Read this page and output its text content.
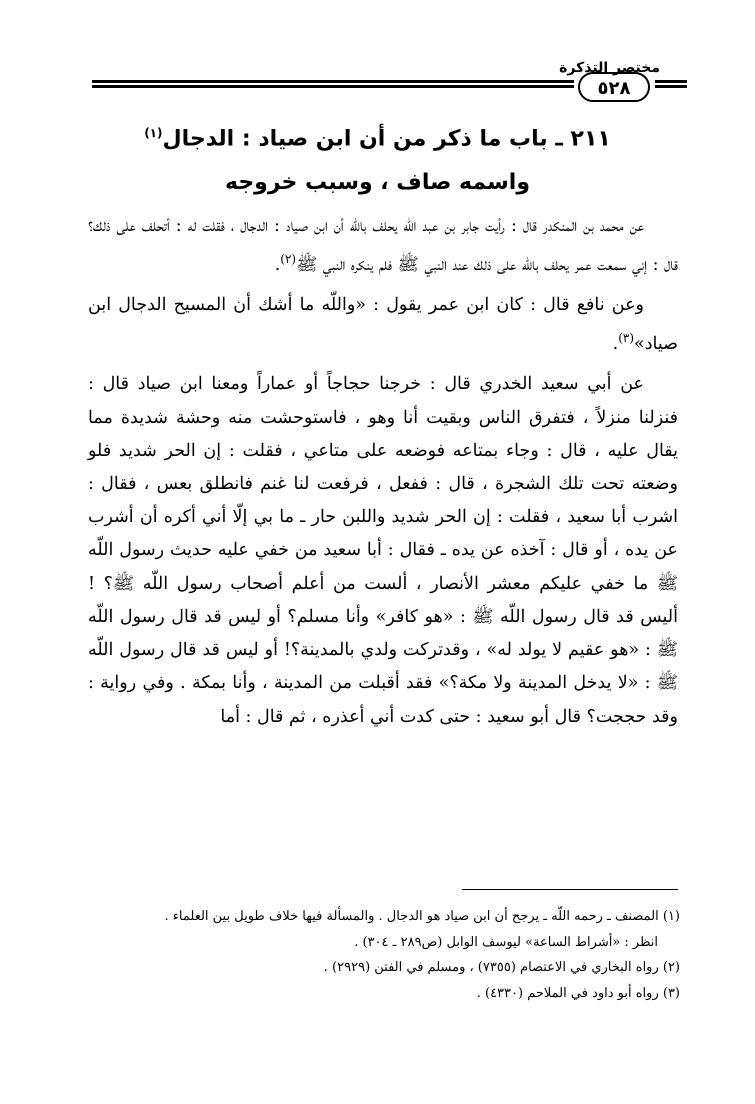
مختصر التذكرة
٥٢٨
٢١١ ـ باب ما ذكر من أن ابن صياد : الدجال$^{(١)}$
واسمه صاف ، وسبب خروجه

عن محمد بن المنكدر قال : رأيت جابر بن عبد اللّه يحلف باللّه أن ابن صياد : الدجال ، فقلت له : أتحلف على ذلك؟ قال : إني سمعت عمر يحلف باللّه على ذلك عند النبي ﷺ فلم ينكره النبي ﷺ$^{(٢)}$.

وعن نافع قال : كان ابن عمر يقول : «واللّه ما أشك أن المسيح الدجال ابن صياد»$^{(٣)}$.

عن أبي سعيد الخدري قال : خرجنا حجاجاً أو عماراً ومعنا ابن صياد قال : فنزلنا منزلاً ، فتفرق الناس وبقيت أنا وهو ، فاستوحشت منه وحشة شديدة مما يقال عليه ، قال : وجاء بمتاعه فوضعه على متاعي ، فقلت : إن الحر شديد فلو وضعته تحت تلك الشجرة ، قال : ففعل ، فرفعت لنا غنم فانطلق بعس ، فقال : اشرب أبا سعيد ، فقلت : إن الحر شديد واللبن حار ـ ما بي إلّا أني أكره أن أشرب عن يده ، أو قال : آخذه عن يده ـ فقال : أبا سعيد من خفي عليه حديث رسول اللّه ﷺ ما خفي عليكم معشر الأنصار ، ألست من أعلم أصحاب رسول اللّه ﷺ؟ ! أليس قد قال رسول اللّه ﷺ : «هو كافر» وأنا مسلم؟ أو ليس قد قال رسول اللّه ﷺ : «هو عقيم لا يولد له» ، وقدتركت ولدي بالمدينة؟! أو ليس قد قال رسول اللّه ﷺ : «لا يدخل المدينة ولا مكة؟» فقد أقبلت من المدينة ، وأنا بمكة . وفي رواية : وقد حججت؟ قال أبو سعيد : حتى كدت أني أعذره ، ثم قال : أما

(١) المصنف ـ رحمه اللّه ـ يرجح أن ابن صياد هو الدجال . والمسألة فيها خلاف طويل بين العلماء .

انظر : «أشراط الساعة» ليوسف الوابل (ص٢٨٩ ـ ٣٠٤) .

(٢) رواه البخاري في الاعتصام (٧٣٥٥) ، ومسلم في الفتن (٢٩٢٩) .

(٣) رواه أبو داود في الملاحم (٤٣٣٠) .
